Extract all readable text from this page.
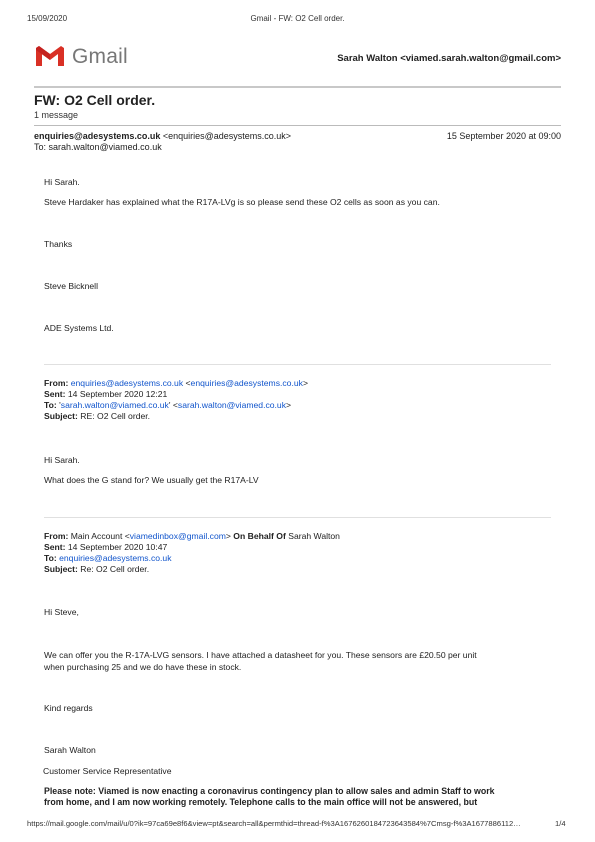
15/09/2020	Gmail - FW: O2 Cell order.
Gmail	Sarah Walton <viamed.sarah.walton@gmail.com>
FW: O2 Cell order.
1 message
enquiries@adesystems.co.uk <enquiries@adesystems.co.uk>	15 September 2020 at 09:00
To: sarah.walton@viamed.co.uk
Hi Sarah.
Steve Hardaker has explained what the R17A-LVg is so please send these O2 cells as soon as you can.
Thanks
Steve Bicknell
ADE Systems Ltd.
From: enquiries@adesystems.co.uk <enquiries@adesystems.co.uk>
Sent: 14 September 2020 12:21
To: 'sarah.walton@viamed.co.uk' <sarah.walton@viamed.co.uk>
Subject: RE: O2 Cell order.
Hi Sarah.
What does the G stand for? We usually get the R17A-LV
From: Main Account <viamedinbox@gmail.com> On Behalf Of Sarah Walton
Sent: 14 September 2020 10:47
To: enquiries@adesystems.co.uk
Subject: Re: O2 Cell order.
Hi Steve,
We can offer you the R-17A-LVG sensors. I have attached a datasheet for you. These sensors are £20.50 per unit
when purchasing 25 and we do have these in stock.
Kind regards
Sarah Walton
Customer Service Representative
Please note: Viamed is now enacting a coronavirus contingency plan to allow sales and admin Staff to work
from home, and I am now working remotely. Telephone calls to the main office will not be answered, but
https://mail.google.com/mail/u/0?ik=97ca69e8f6&view=pt&search=all&permthid=thread-f%3A1676260184723643584%7Cmsg-f%3A16778861​12…	1/4
